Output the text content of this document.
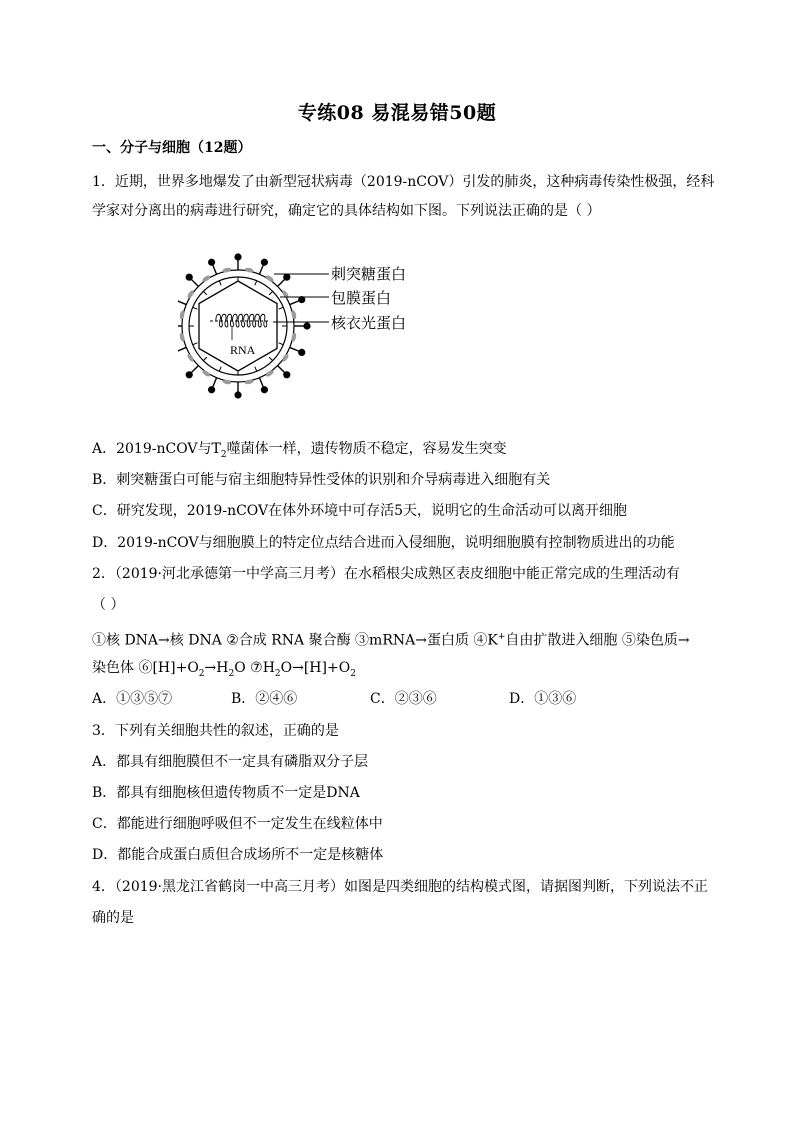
专练08 易混易错50题
一、分子与细胞（12题）
1．近期，世界多地爆发了由新型冠状病毒（2019-nCOV）引发的肺炎，这种病毒传染性极强，经科
学家对分离出的病毒进行研究，确定它的具体结构如下图。下列说法正确的是（ ）
RNA
刺突糖蛋白
包膜蛋白
核衣光蛋白
A．2019-nCOV与$T_2$噬菌体一样，遗传物质不稳定，容易发生突变
B．刺突糖蛋白可能与宿主细胞特异性受体的识别和介导病毒进入细胞有关
C．研究发现，2019-nCOV在体外环境中可存活5天，说明它的生命活动可以离开细胞
D．2019-nCOV与细胞膜上的特定位点结合进而入侵细胞，说明细胞膜有控制物质进出的功能
2．（2019·河北承德第一中学高三月考）在水稻根尖成熟区表皮细胞中能正常完成的生理活动有
（ ）
①核 DNA→核 DNA ②合成 RNA 聚合酶 ③mRNA→蛋白质 ④K+自由扩散进入细胞 ⑤染色质→
染色体 $⑥[H]+O_2\to H_2O$ $⑦H_2O\to[H]+O_2$
A．①③⑤⑦	B．②④⑥	C．②③⑥	D．①③⑥
3．下列有关细胞共性的叙述，正确的是
A．都具有细胞膜但不一定具有磷脂双分子层
B．都具有细胞核但遗传物质不一定是DNA
C．都能进行细胞呼吸但不一定发生在线粒体中
D．都能合成蛋白质但合成场所不一定是核糖体
4．（2019·黑龙江省鹤岗一中高三月考）如图是四类细胞的结构模式图，请据图判断，下列说法不正
确的是
